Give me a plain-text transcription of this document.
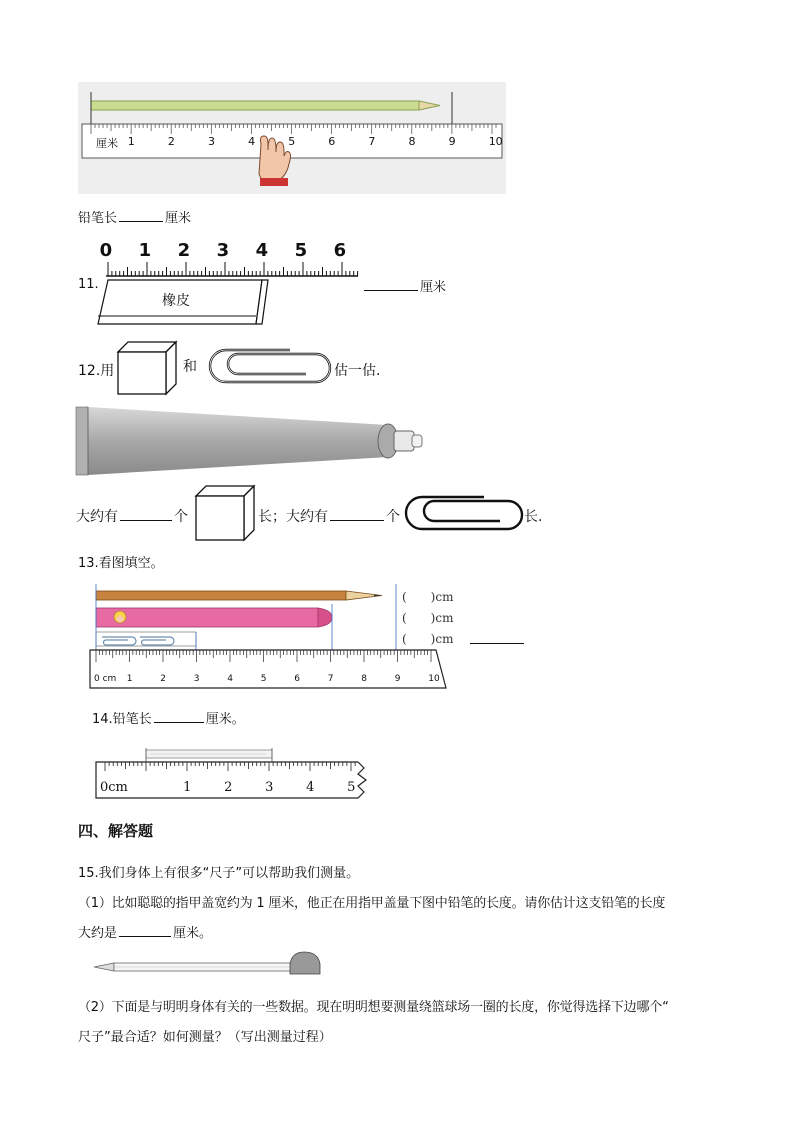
厘米 1	2	3	4	5	6	7	8	9	10
铅笔长	厘米
0 1 2 3 4 5 6
橡皮
11.	厘米
12.用	和	估一估.
大约有	个	长；大约有	个	长.
13.看图填空。
0 cm 1	2	3	4	5	6	7	8	9	10
(　　)cm
(　　)cm
(　　)cm
14.铅笔长	厘米。
0cm	1	2	3	4	5
四、解答题
15.我们身体上有很多“尺子”可以帮助我们测量。
（1）比如聪聪的指甲盖宽约为 1 厘米，他正在用指甲盖量下图中铅笔的长度。请你估计这支铅笔的长度
大约是	厘米。
（2）下面是与明明身体有关的一些数据。现在明明想要测量绕篮球场一圈的长度，你觉得选择下边哪个“
尺子”最合适？如何测量？（写出测量过程）
